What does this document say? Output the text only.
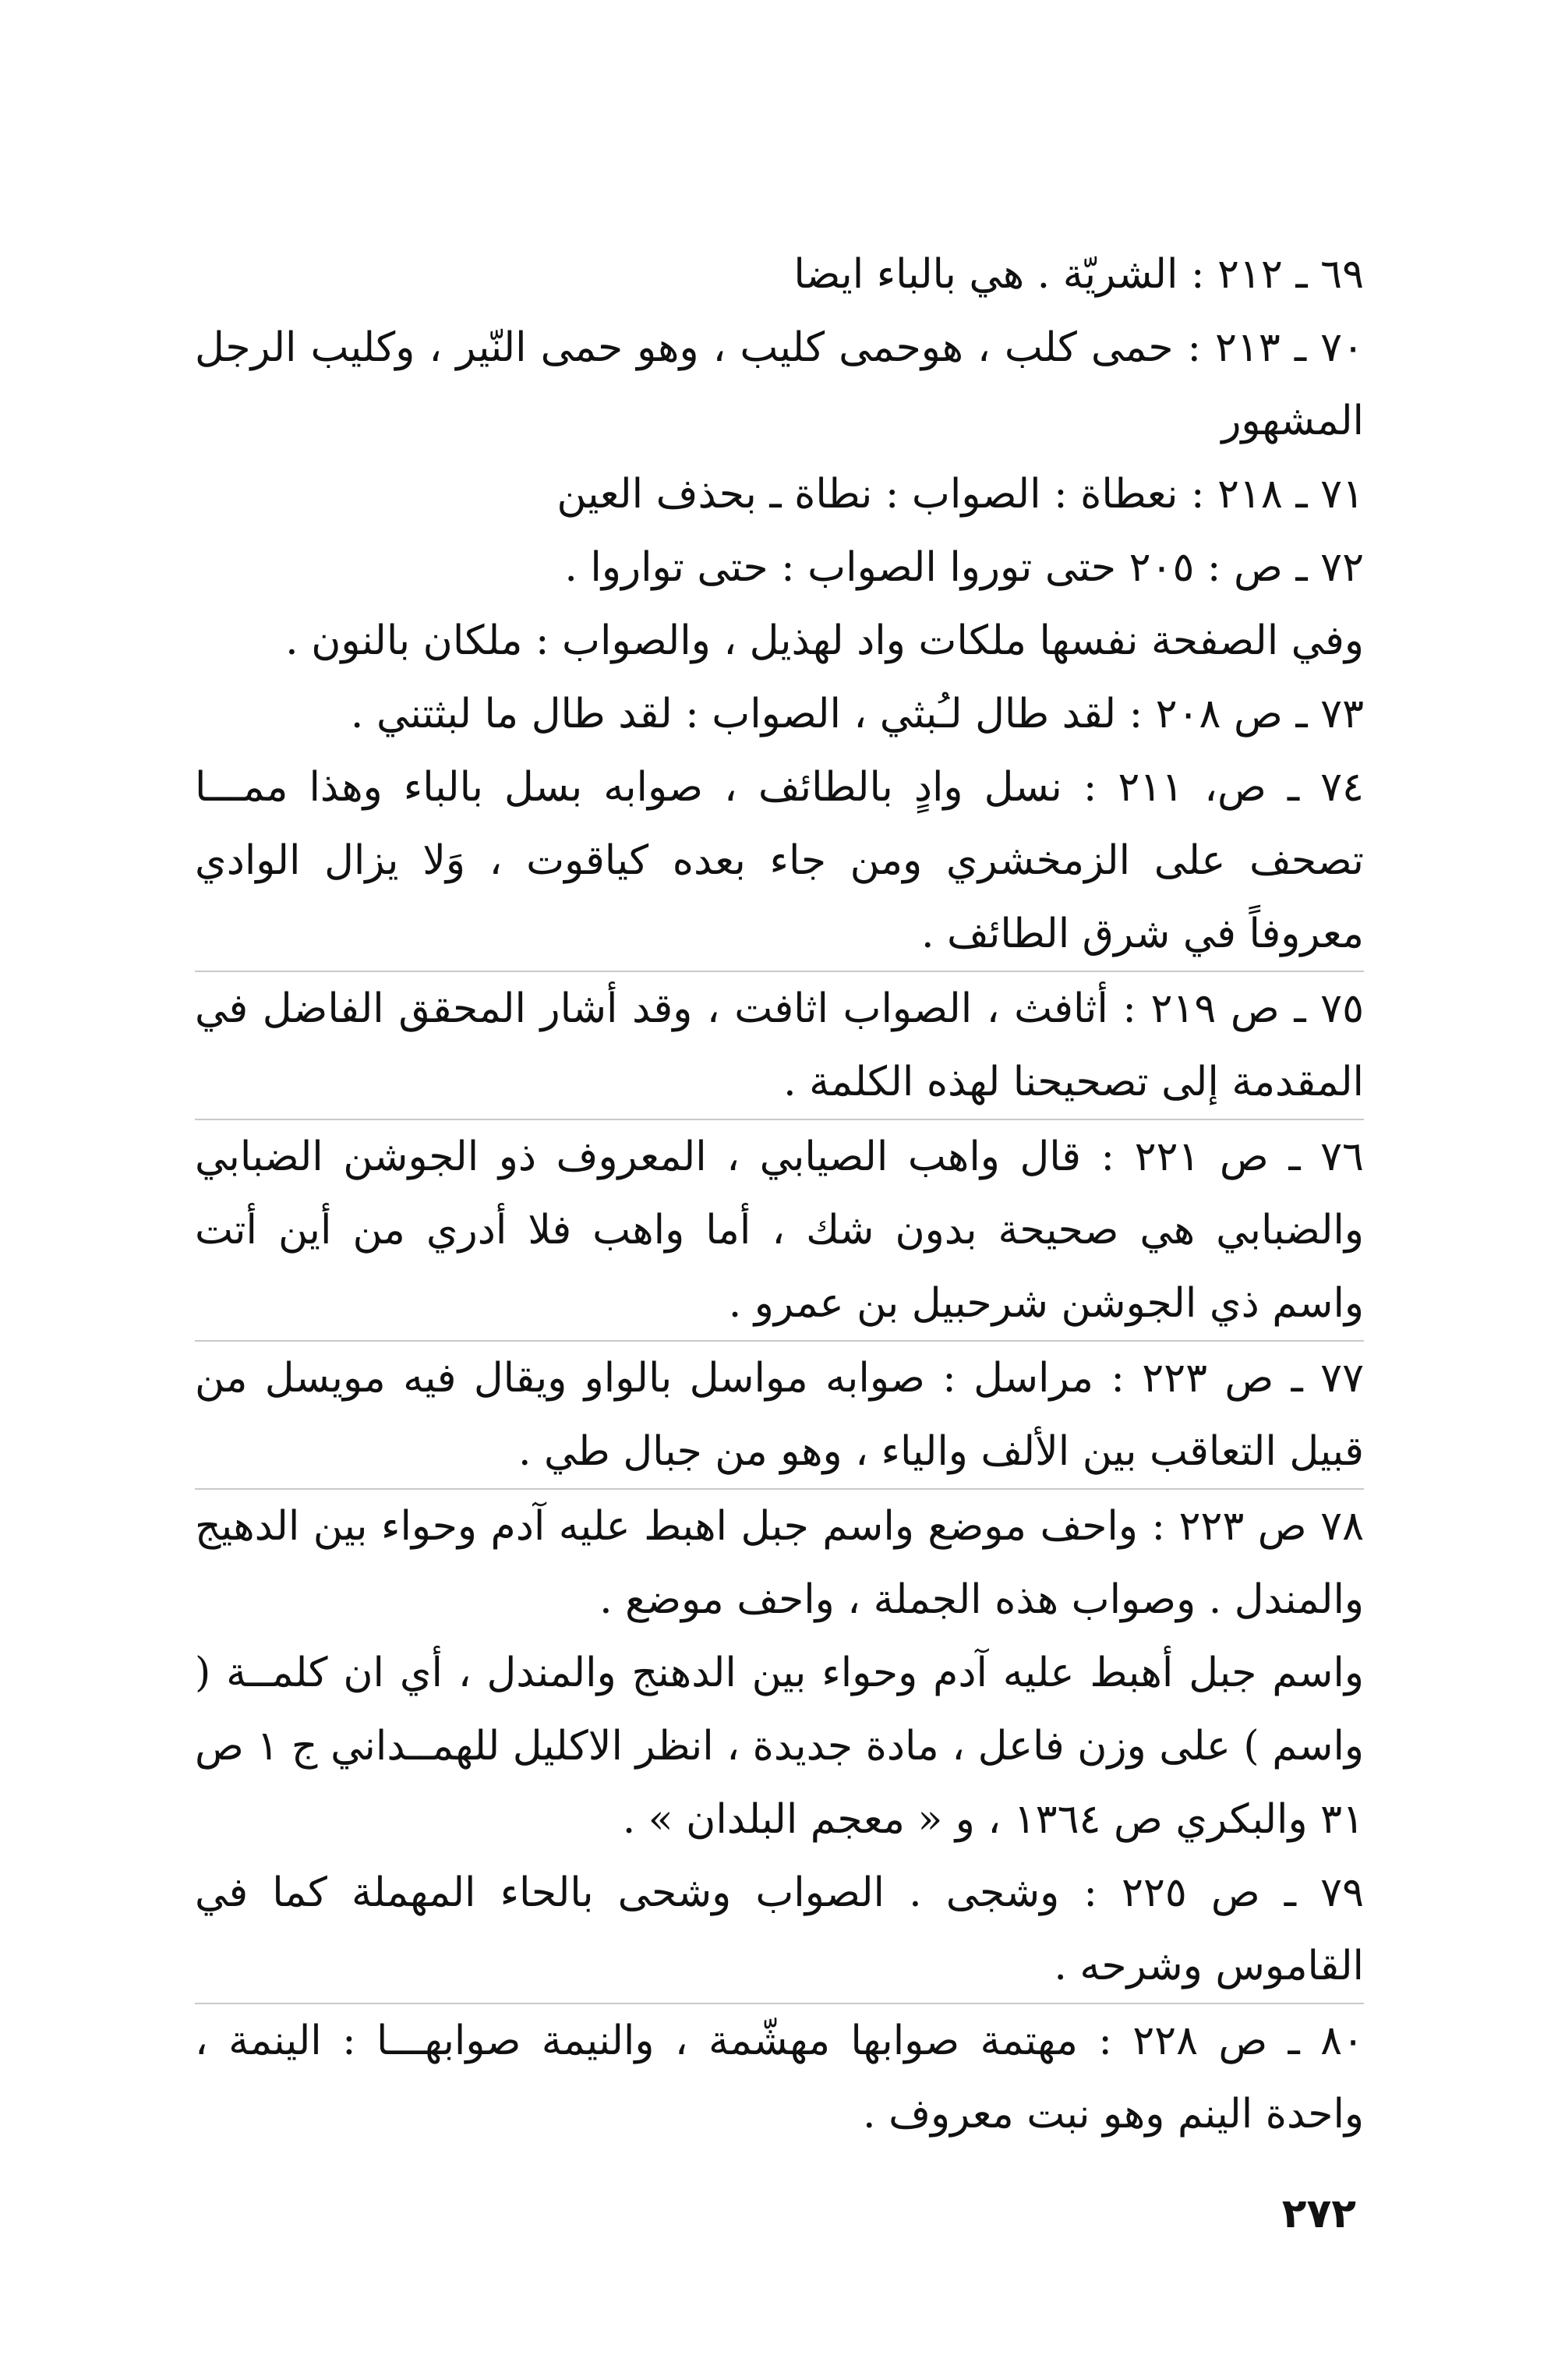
٦٩ ـ ٢١٢ : الشريّة . هي بالباء ايضا

٧٠ ـ ٢١٣ : حمى كلب ، هوحمى كليب ، وهو حمى النّير ، وكليب الرجل المشهور

٧١ ـ ٢١٨ : نعطاة : الصواب : نطاة ـ بحذف العين

٧٢ ـ ص : ٢٠٥ حتى توروا الصواب : حتى تواروا .

وفي الصفحة نفسها ملكات واد لهذيل ، والصواب : ملكان بالنون .

٧٣ ـ ص ٢٠٨ : لقد طال لـُبثي ، الصواب : لقد طال ما لبثتني .

٧٤ ـ ص، ٢١١ : نسل وادٍ بالطائف ، صوابه بسل بالباء وهذا ممـــا تصحف على الزمخشري ومن جاء بعده كياقوت ، وَلا يزال الوادي معروفاً في شرق الطائف .

٧٥ ـ ص ٢١٩ : أثافث ، الصواب اثافت ، وقد أشار المحقق الفاضل في المقدمة إلى تصحيحنا لهذه الكلمة .

٧٦ ـ ص ٢٢١ : قال واهب الصيابي ، المعروف ذو الجوشن الضبابي والضبابي هي صحيحة بدون شك ، أما واهب فلا أدري من أين أتت واسم ذي الجوشن شرحبيل بن عمرو .

٧٧ ـ ص ٢٢٣ : مراسل : صوابه مواسل بالواو ويقال فيه مويسل من قبيل التعاقب بين الألف والياء ، وهو من جبال طي .

٧٨ ص ٢٢٣ : واحف موضع واسم جبل اهبط عليه آدم وحواء بين الدهيج والمندل . وصواب هذه الجملة ، واحف موضع .

واسم جبل أهبط عليه آدم وحواء بين الدهنج والمندل ، أي ان كلمــة ( واسم ) على وزن فاعل ، مادة جديدة ، انظر الاكليل للهمــداني ج ١ ص ٣١ والبكري ص ١٣٦٤ ، و « معجم البلدان » .

٧٩ ـ ص ٢٢٥ : وشجى . الصواب وشحى بالحاء المهملة كما في القاموس وشرحه .

٨٠ ـ ص ٢٢٨ : مهتمة صوابها مهشّمة ، والنيمة صوابهـــا : الينمة ، واحدة الينم وهو نبت معروف .

٢٧٢
